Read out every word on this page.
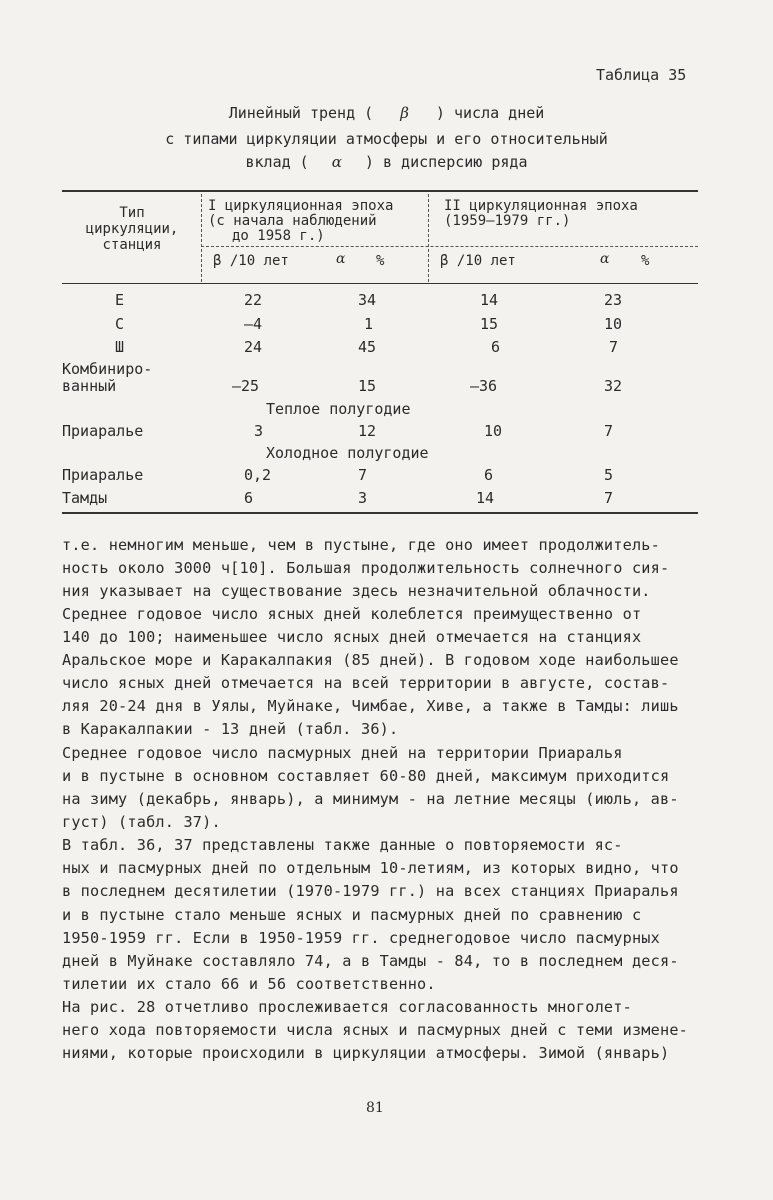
Таблица 35
Линейный тренд ( β ) числа дней
с типами циркуляции атмосферы и его относительный
вклад ( α ) в дисперсию ряда
Тип
циркуляции,
станция
I циркуляционная эпоха
(с начала наблюдений
до 1958 г.)
II циркуляционная эпоха
(1959–1979 гг.)
β /10 лет	α %	β /10 лет	α %
Е	22	34	14	23
С	–4	1	15	10
Ш	24	45	6	7
Комбиниро-
ванный	–25	15	–36	32
Теплое полугодие
Приаралье	3	12	10	7
Холодное полугодие
Приаралье	0,2	7	6	5
Тамды	6	3	14	7
т.е. немногим меньше, чем в пустыне, где оно имеет продолжитель-
ность около 3000 ч[10]. Большая продолжительность солнечного сия-
ния указывает на существование здесь незначительной облачности.
Среднее годовое число ясных дней колеблется преимущественно от
140 до 100; наименьшее число ясных дней отмечается на станциях
Аральское море и Каракалпакия (85 дней). В годовом ходе наибольшее
число ясных дней отмечается на всей территории в августе, состав-
ляя 20-24 дня в Уялы, Муйнаке, Чимбае, Хиве, а также в Тамды: лишь
в Каракалпакии - 13 дней (табл. 36).
Среднее годовое число пасмурных дней на территории Приаралья
и в пустыне в основном составляет 60-80 дней, максимум приходится
на зиму (декабрь, январь), а минимум - на летние месяцы (июль, ав-
густ) (табл. 37).
В табл. 36, 37 представлены также данные о повторяемости яс-
ных и пасмурных дней по отдельным 10-летиям, из которых видно, что
в последнем десятилетии (1970-1979 гг.) на всех станциях Приаралья
и в пустыне стало меньше ясных и пасмурных дней по сравнению с
1950-1959 гг. Если в 1950-1959 гг. среднегодовое число пасмурных
дней в Муйнаке составляло 74, а в Тамды - 84, то в последнем деся-
тилетии их стало 66 и 56 соответственно.
На рис. 28 отчетливо прослеживается согласованность многолет-
него хода повторяемости числа ясных и пасмурных дней с теми измене-
ниями, которые происходили в циркуляции атмосферы. Зимой (январь)
81
